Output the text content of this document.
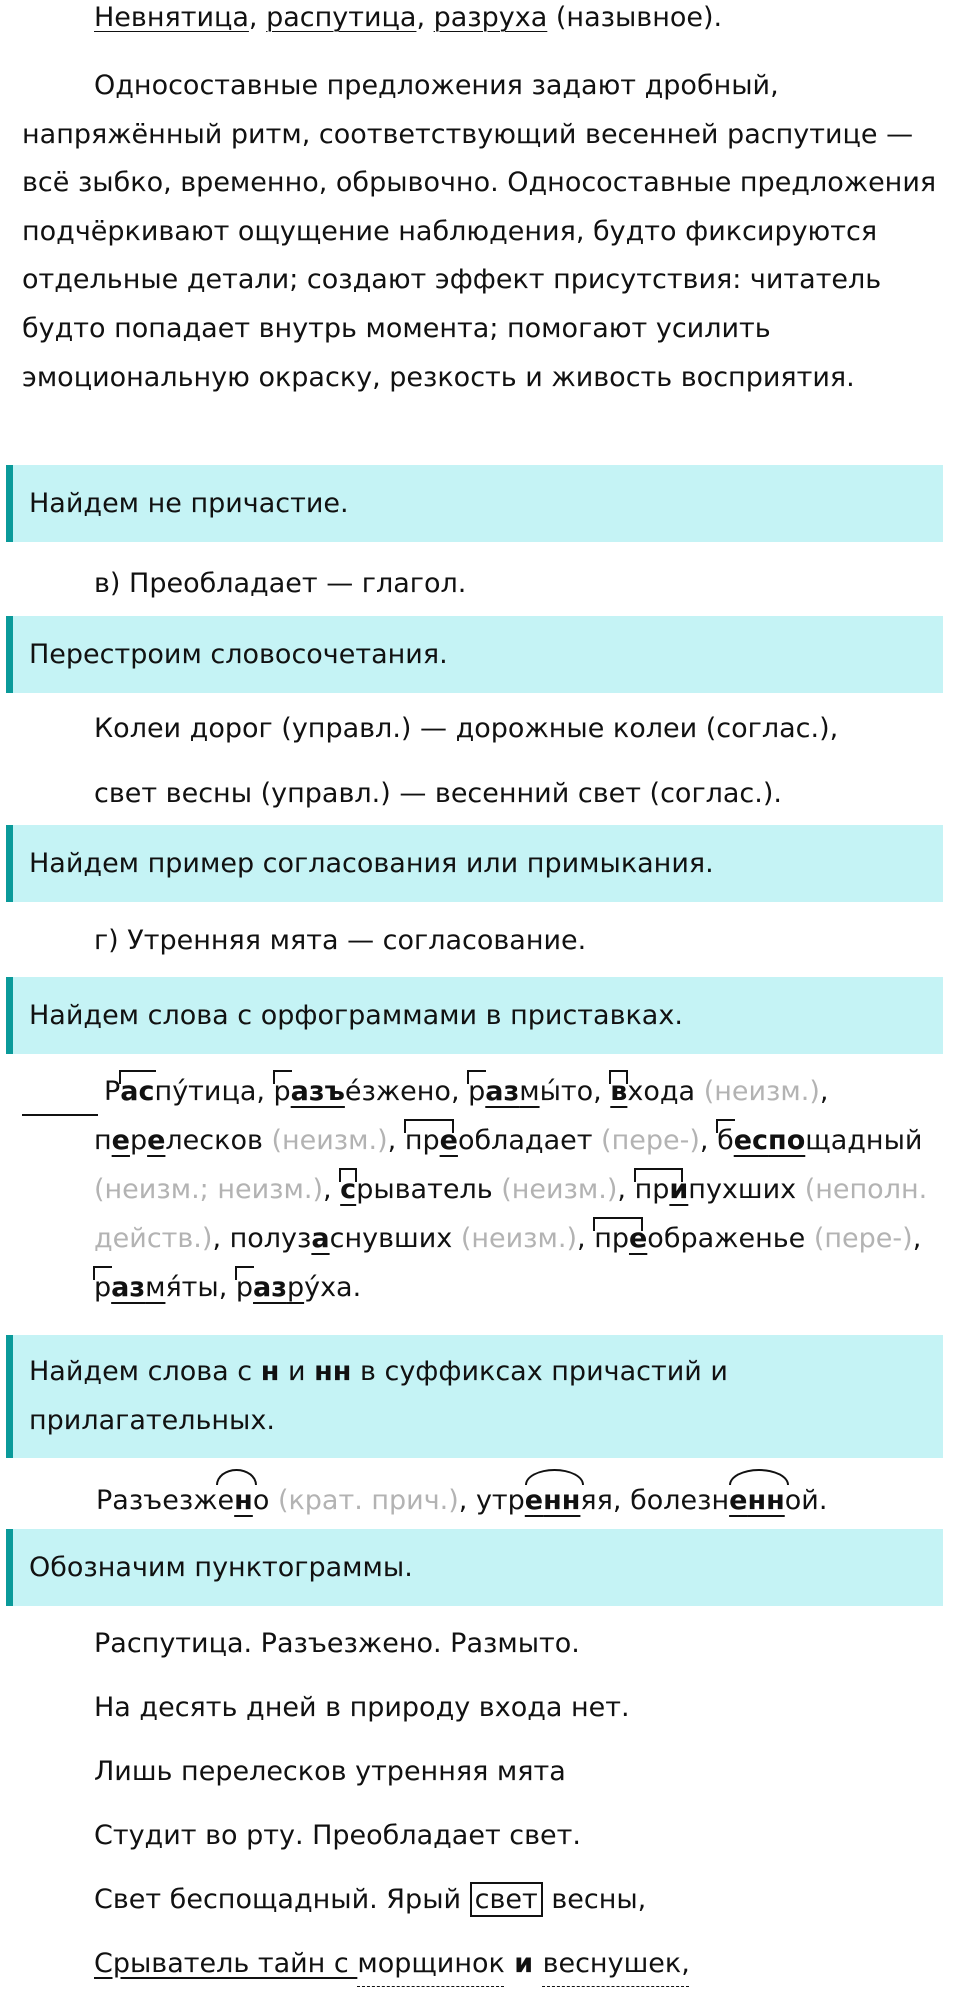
Невнятица, распутица, разруха (назывное).

Односоставные предложения задают дробный, напряжённый ритм, соответствующий весенней распутице — всё зыбко, временно, обрывочно. Односоставные предложения подчёркивают ощущение наблюдения, будто фиксируются отдельные детали; создают эффект присутствия: читатель будто попадает внутрь момента; помогают усилить эмоциональную окраску, резкость и живость восприятия.

Найдем не причастие.

в) Преобладает — глагол.

Перестроим словосочетания.

Колеи дорог (управл.) — дорожные колеи (соглас.),

свет весны (управл.) — весенний свет (соглас.).

Найдем пример согласования или примыкания.

г) Утренняя мята — согласование.

Найдем слова с орфограммами в приставках.

Р
аспу́тица,
разъе́зжено,
размы́то,
входа (неизм.),

перелесков (неизм.),
преобладает (пере-),
беспощадный

(неизм.; неизм.),
срыватель (неизм.),
припухших (неполн.

действ.), полузаснувших (неизм.),
преображенье (пере-),

размя́ты,
разру́ха.

Найдем слова с н и нн в суффиксах причастий и прилагательных.

Разъезже
но (крат. прич.), утр
енняя, болезн
енной.

Обозначим пунктограммы.

Распутица. Разъезжено. Размыто.

На десять дней в природу входа нет.

Лишь перелесков утренняя мята

Студит во рту. Преобладает свет.

Свет беспощадный. Ярый свет весны,

Срыватель тайн с морщинок и веснушек,
